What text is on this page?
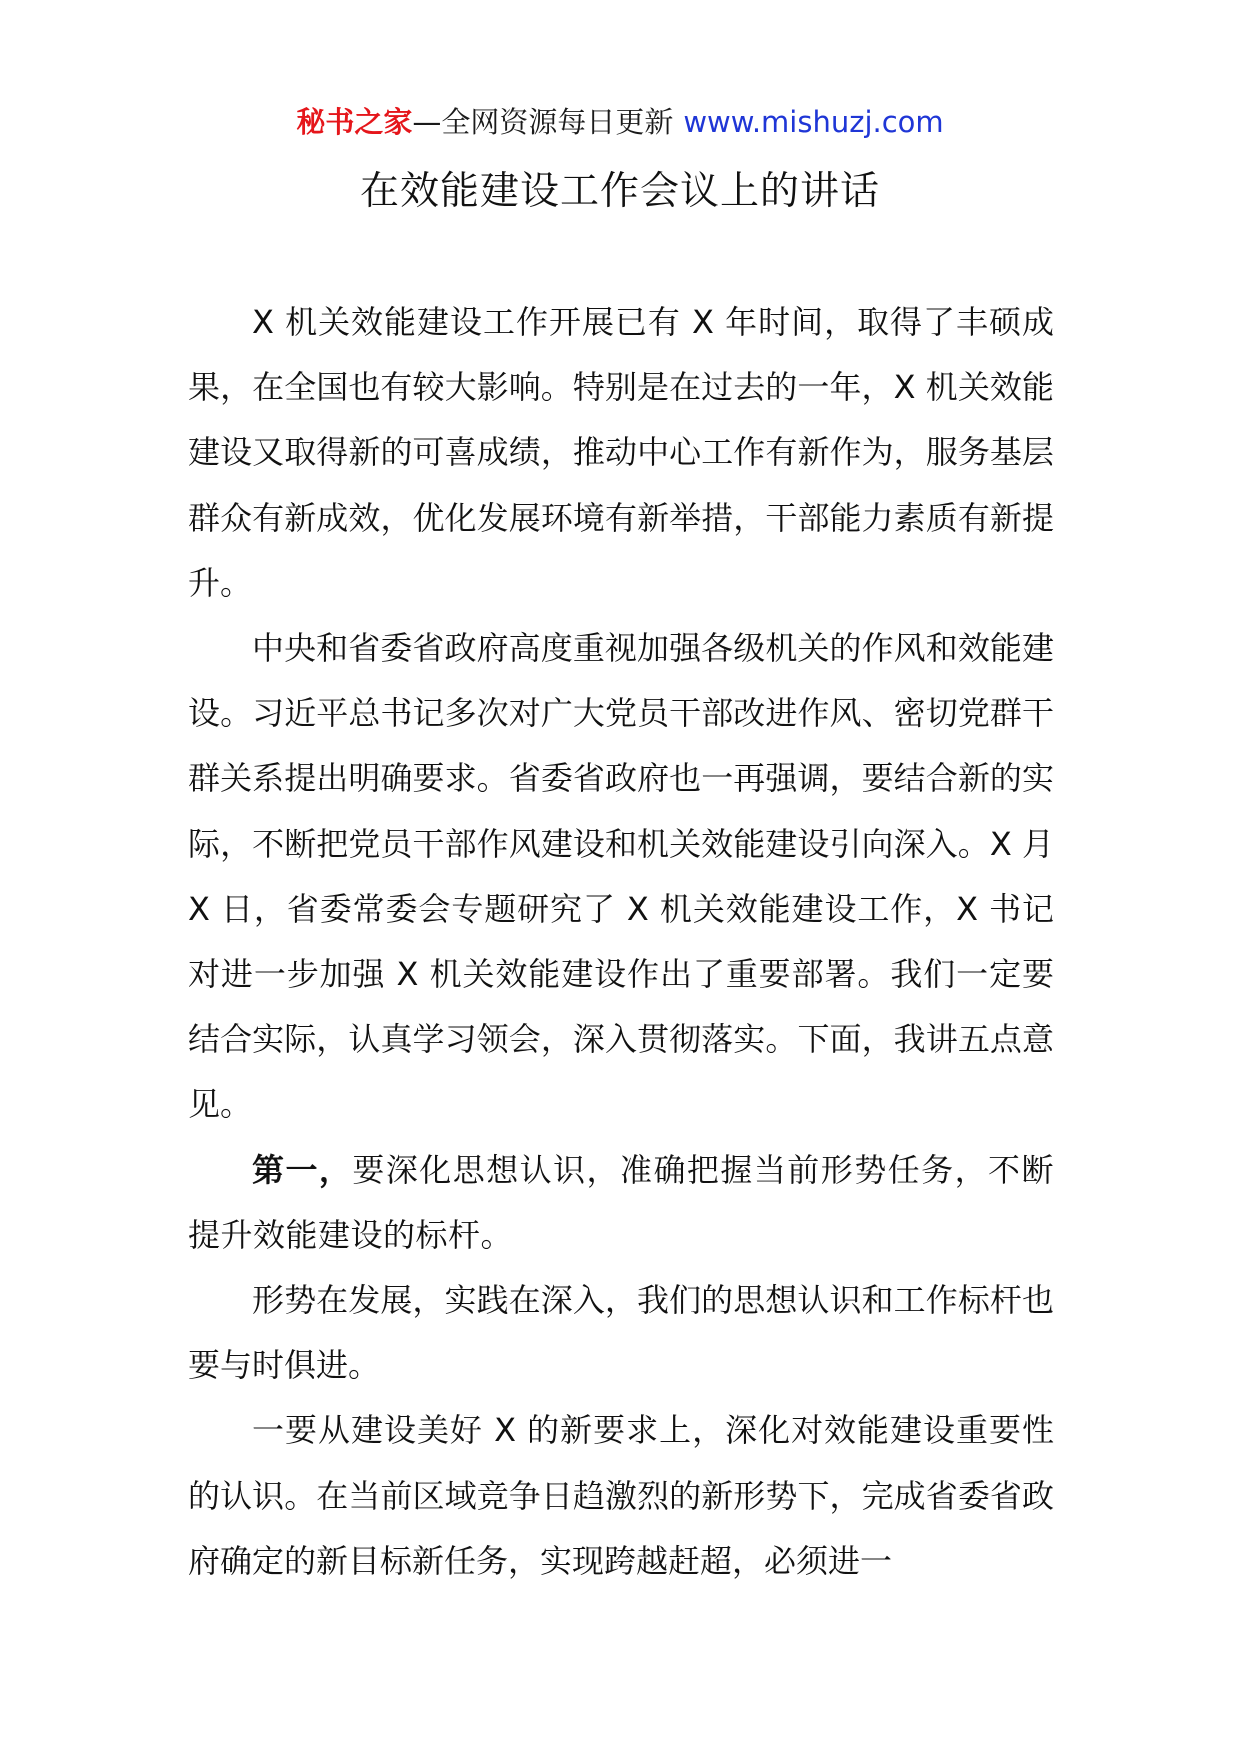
秘书之家—全网资源每日更新 www.mishuzj.com
在效能建设工作会议上的讲话

X 机关效能建设工作开展已有 X 年时间，取得了丰硕成果，在全国也有较大影响。特别是在过去的一年，X 机关效能建设又取得新的可喜成绩，推动中心工作有新作为，服务基层群众有新成效，优化发展环境有新举措，干部能力素质有新提升。

中央和省委省政府高度重视加强各级机关的作风和效能建设。习近平总书记多次对广大党员干部改进作风、密切党群干群关系提出明确要求。省委省政府也一再强调，要结合新的实际，不断把党员干部作风建设和机关效能建设引向深入。X 月 X 日，省委常委会专题研究了 X 机关效能建设工作，X 书记对进一步加强 X 机关效能建设作出了重要部署。我们一定要结合实际，认真学习领会，深入贯彻落实。下面，我讲五点意见。

第一，要深化思想认识，准确把握当前形势任务，不断提升效能建设的标杆。

形势在发展，实践在深入，我们的思想认识和工作标杆也要与时俱进。

一要从建设美好 X 的新要求上，深化对效能建设重要性的认识。在当前区域竞争日趋激烈的新形势下，完成省委省政府确定的新目标新任务，实现跨越赶超，必须进一
